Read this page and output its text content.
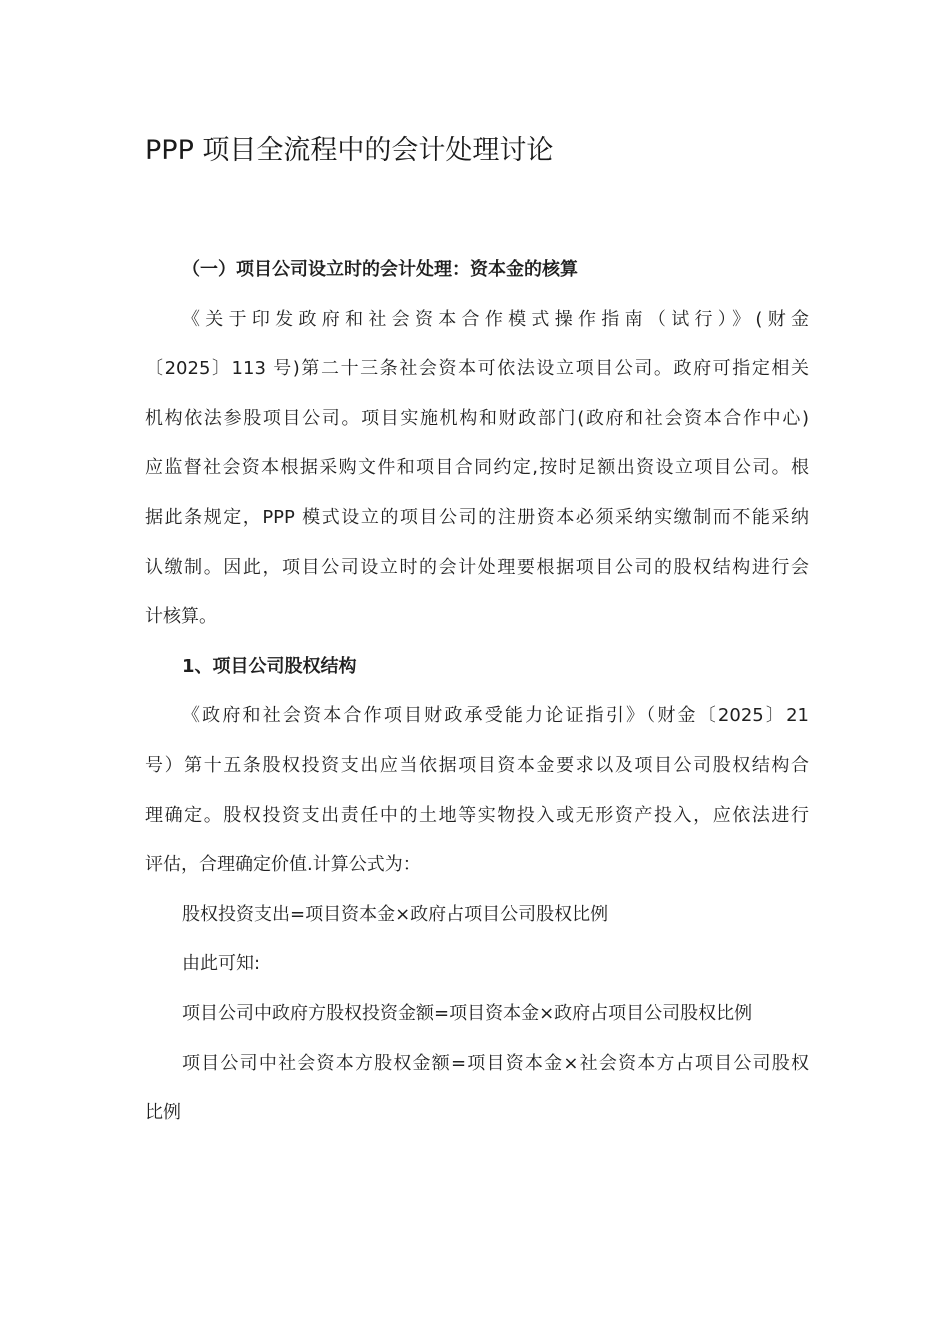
PPP 项目全流程中的会计处理讨论
（一）项目公司设立时的会计处理：资本金的核算
《关于印发政府和社会资本合作模式操作指南（试行）》(财金
〔2025〕113 号)第二十三条社会资本可依法设立项目公司。政府可指定相关
机构依法参股项目公司。项目实施机构和财政部门(政府和社会资本合作中心)
应监督社会资本根据采购文件和项目合同约定,按时足额出资设立项目公司。根
据此条规定，PPP 模式设立的项目公司的注册资本必须采纳实缴制而不能采纳
认缴制。因此，项目公司设立时的会计处理要根据项目公司的股权结构进行会
计核算。
1、项目公司股权结构
《政府和社会资本合作项目财政承受能力论证指引》（财金〔2025〕21
号）第十五条股权投资支出应当依据项目资本金要求以及项目公司股权结构合
理确定。股权投资支出责任中的土地等实物投入或无形资产投入，应依法进行
评估，合理确定价值.计算公式为：
股权投资支出=项目资本金×政府占项目公司股权比例
由此可知:
项目公司中政府方股权投资金额=项目资本金×政府占项目公司股权比例
项目公司中社会资本方股权金额=项目资本金×社会资本方占项目公司股权
比例
